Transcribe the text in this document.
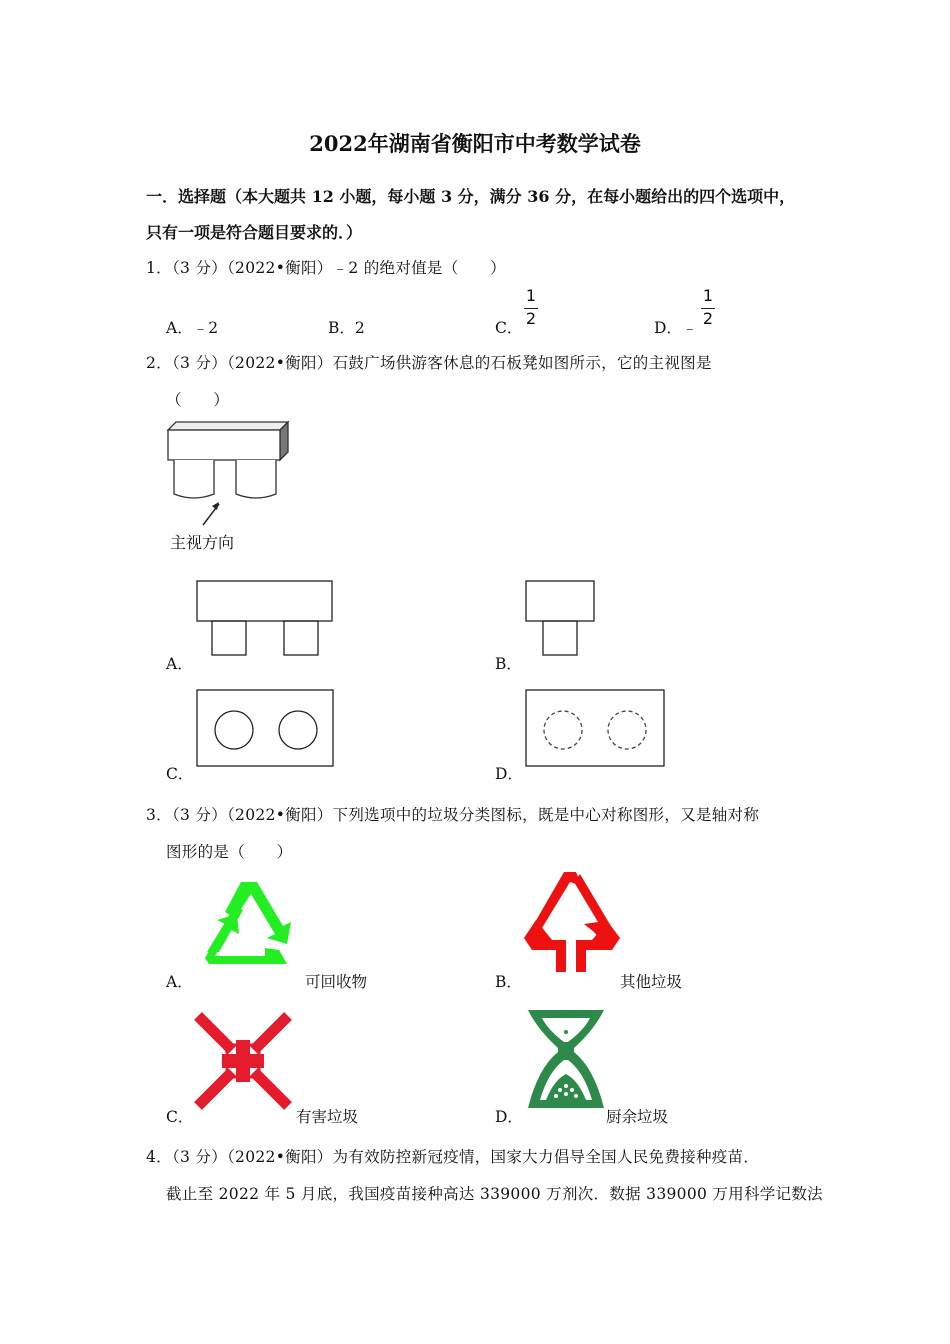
2022年湖南省衡阳市中考数学试卷
一．选择题（本大题共 12 小题，每小题 3 分，满分 36 分，在每小题给出的四个选项中，
只有一项是符合题目要求的．）
1．（3 分）（2022•衡阳）﹣2 的绝对值是（　　）
A．﹣2	B．2	C．
1
2	D．﹣
1
2
2．（3 分）（2022•衡阳）石鼓广场供游客休息的石板凳如图所示，它的主视图是
（　　）
主视方向
A．	B．
C．	D．
3．（3 分）（2022•衡阳）下列选项中的垃圾分类图标，既是中心对称图形，又是轴对称
图形的是（　　）
A．	可回收物	B．	其他垃圾
C．	有害垃圾	D．	厨余垃圾
4．（3 分）（2022•衡阳）为有效防控新冠疫情，国家大力倡导全国人民免费接种疫苗．
截止至 2022 年 5 月底，我国疫苗接种高达 339000 万剂次．数据 339000 万用科学记数法
